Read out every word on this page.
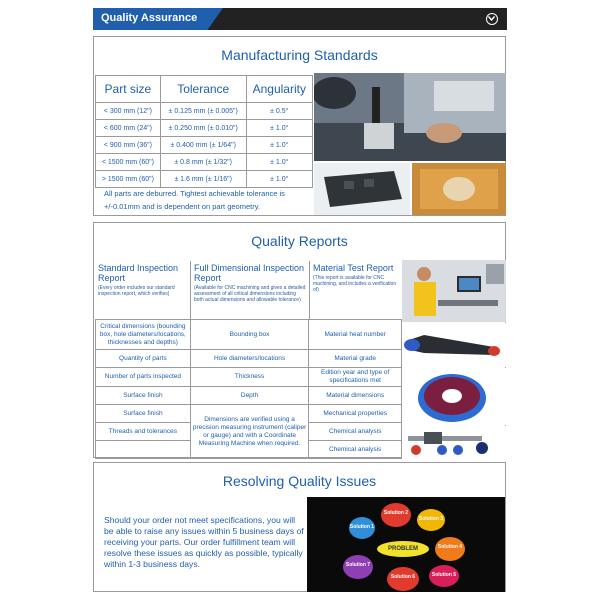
Quality Assurance
Manufacturing Standards
Part size	Tolerance	Angularity
< 300 mm (12")	± 0.125 mm (± 0.005")	± 0.5°
< 600 mm (24")	± 0.250 mm (± 0.010")	± 1.0°
< 900 mm (36")	± 0.400 mm (± 1/64")	± 1.0°
< 1500 mm (60")	± 0.8 mm (± 1/32")	± 1.0°
> 1500 mm (60")	± 1.6 mm (± 1/16")	± 1.0°
All parts are deburred. Tightest achievable tolerance is +/-0.01mm and is dependent on part geometry.
Quality Reports
Standard Inspection Report
(Every order includes our standard inspection report, which verifies)
Full Dimensional Inspection Report
(Available for CNC machining and gives a detailed assessment of all critical dimensions including both actual dimensions and allowable tolerance)
Material Test Report
(This report is available for CNC machining, and includes a verification of)
Critical dimensions (bounding box, hole diameters/locations, thicknesses and depths)	Bounding box	Material heat number
Quantity of parts	Hole diameters/locations	Material grade
Number of parts inspected	Thickness	Edition year and type of specifications met
Surface finish	Depth	Material dimensions
Surface finish	Dimensions are verified using a precision measuring instrument (caliper or gauge) and with a Coordinate Measuring Machine when required.	Mechanical properties
Threads and tolerances		Chemical analysis
		Chemical analysis
Resolving Quality Issues
Should your order not meet specifications, you will be able to raise any issues within 5 business days of receiving your parts. Our order fulfillment team will resolve these issues as quickly as possible, typically within 1-3 business days.
PROBLEM
Solution 1
Solution 2
Solution 3
Solution 4
Solution 5
Solution 6
Solution 7
